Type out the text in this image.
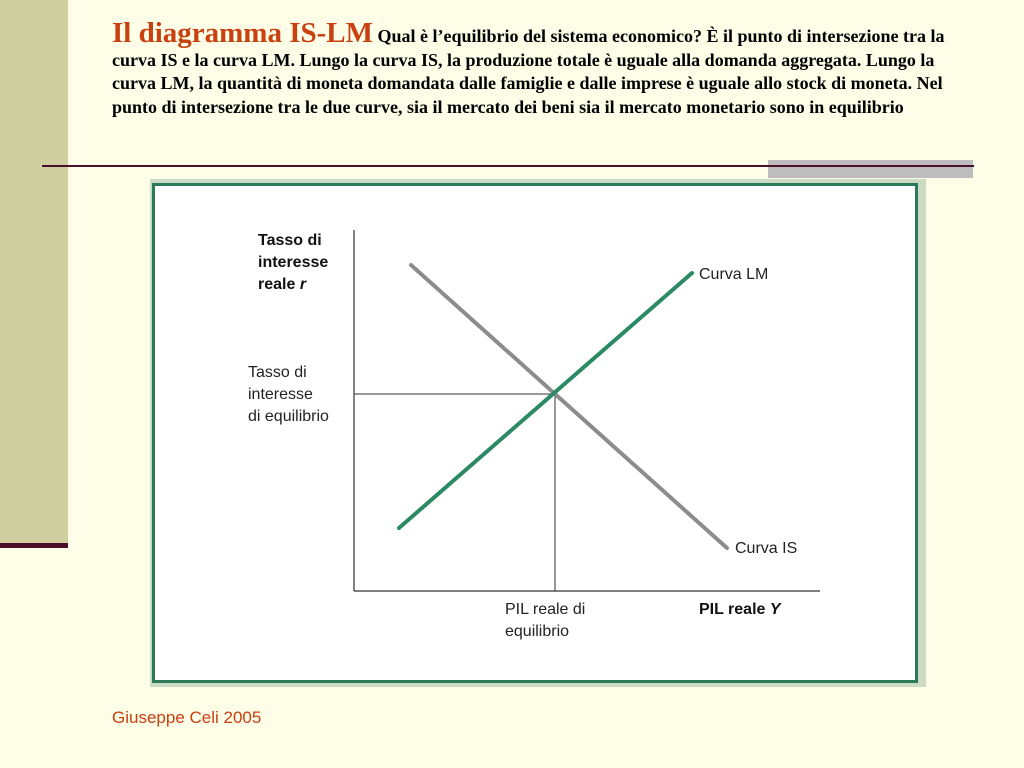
Il diagramma IS-LM Qual è l’equilibrio del sistema economico? È il punto di intersezione tra la curva IS e la curva LM. Lungo la curva IS, la produzione totale è uguale alla domanda aggregata. Lungo la curva LM, la quantità di moneta domandata dalle famiglie e dalle imprese è uguale allo stock di moneta. Nel punto di intersezione tra le due curve, sia il mercato dei beni sia il mercato monetario sono in equilibrio
Tasso di interesse reale r
Tasso di interesse di equilibrio
Curva LM
Curva IS
PIL reale di equilibrio
PIL reale Y
Giuseppe Celi 2005
